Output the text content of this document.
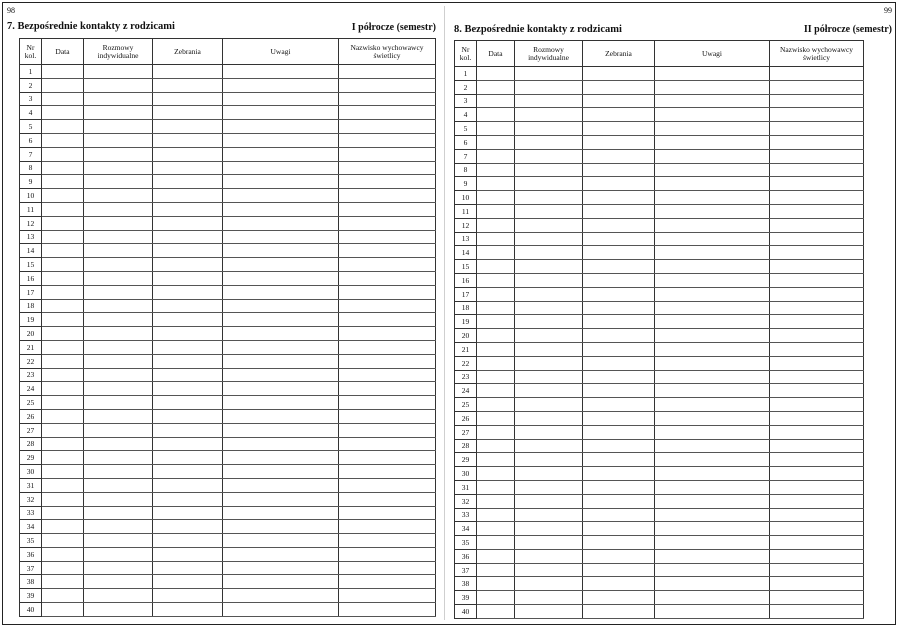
98
7. Bezpośrednie kontakty z rodzicami	I półrocze (semestr)
Nr kol.	Data	Rozmowy indywidualne	Zebrania	Uwagi	Nazwisko wychowawcy świetlicy
1					
2					
3					
4					
5					
6					
7					
8					
9					
10					
11					
12					
13					
14					
15					
16					
17					
18					
19					
20					
21					
22					
23					
24					
25					
26					
27					
28					
29					
30					
31					
32					
33					
34					
35					
36					
37					
38					
39					
40					
99
8. Bezpośrednie kontakty z rodzicami	II półrocze (semestr)
Nr kol.	Data	Rozmowy indywidualne	Zebrania	Uwagi	Nazwisko wychowawcy świetlicy
1					
2					
3					
4					
5					
6					
7					
8					
9					
10					
11					
12					
13					
14					
15					
16					
17					
18					
19					
20					
21					
22					
23					
24					
25					
26					
27					
28					
29					
30					
31					
32					
33					
34					
35					
36					
37					
38					
39					
40					
